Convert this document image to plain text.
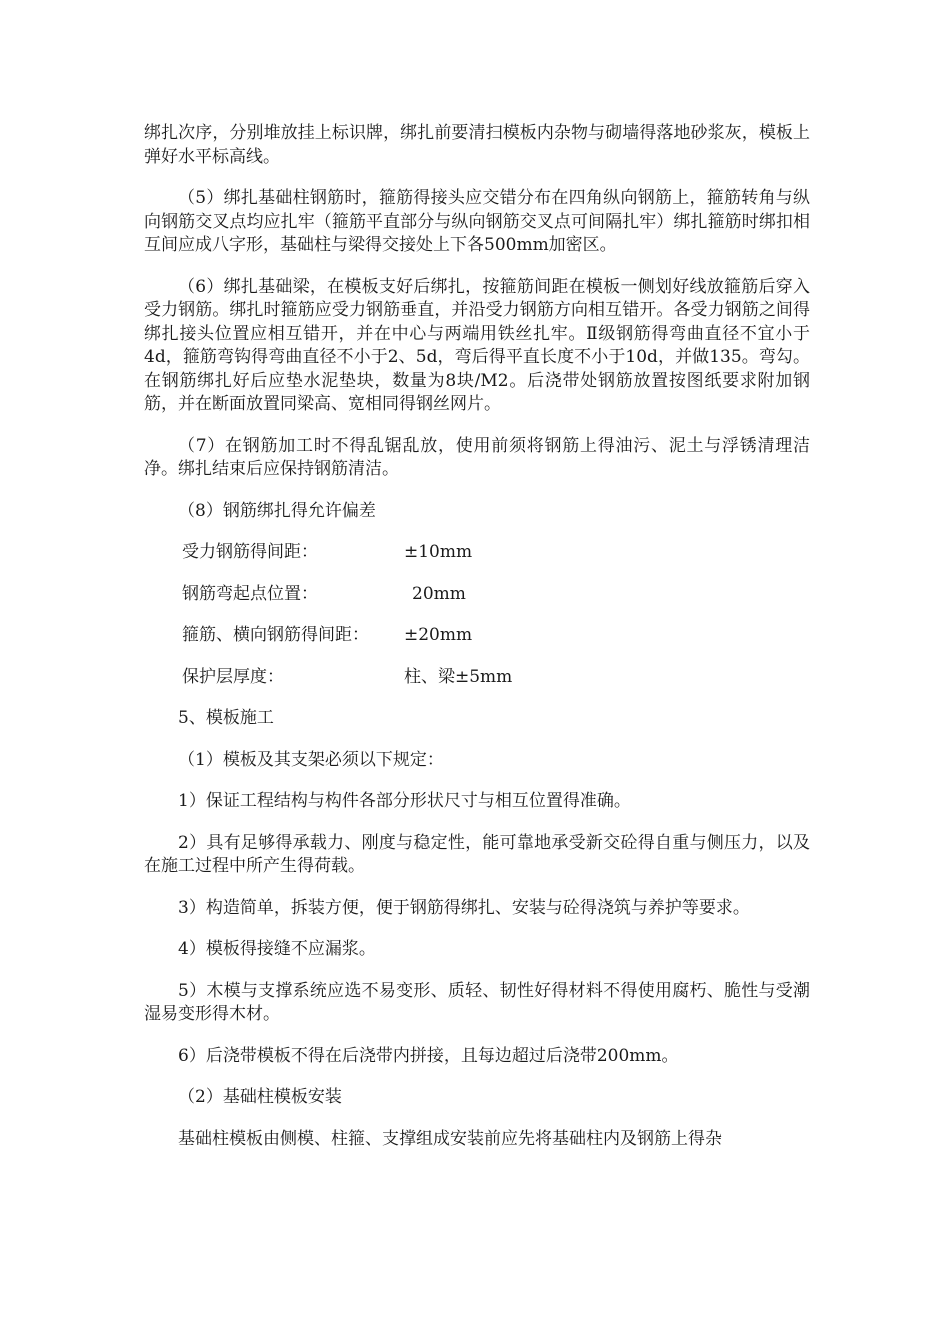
绑扎次序，分别堆放挂上标识牌，绑扎前要清扫模板内杂物与砌墙得落地砂浆灰，模板上弹好水平标高线。

（5）绑扎基础柱钢筋时，箍筋得接头应交错分布在四角纵向钢筋上，箍筋转角与纵向钢筋交叉点均应扎牢（箍筋平直部分与纵向钢筋交叉点可间隔扎牢）绑扎箍筋时绑扣相互间应成八字形，基础柱与梁得交接处上下各500mm加密区。

（6）绑扎基础梁，在模板支好后绑扎，按箍筋间距在模板一侧划好线放箍筋后穿入受力钢筋。绑扎时箍筋应受力钢筋垂直，并沿受力钢筋方向相互错开。各受力钢筋之间得绑扎接头位置应相互错开，并在中心与两端用铁丝扎牢。Ⅱ级钢筋得弯曲直径不宜小于4d，箍筋弯钩得弯曲直径不小于2、5d，弯后得平直长度不小于10d，并做135。弯勾。在钢筋绑扎好后应垫水泥垫块，数量为8块/M2。后浇带处钢筋放置按图纸要求附加钢筋，并在断面放置同梁高、宽相同得钢丝网片。

（7）在钢筋加工时不得乱锯乱放，使用前须将钢筋上得油污、泥土与浮锈清理洁净。绑扎结束后应保持钢筋清洁。

（8）钢筋绑扎得允许偏差

受力钢筋得间距：	±10mm
钢筋弯起点位置：	20mm
箍筋、横向钢筋得间距：	±20mm
保护层厚度：	柱、梁±5mm

5、模板施工

（1）模板及其支架必须以下规定：

1）保证工程结构与构件各部分形状尺寸与相互位置得准确。

2）具有足够得承载力、刚度与稳定性，能可靠地承受新交砼得自重与侧压力，以及在施工过程中所产生得荷载。

3）构造简单，拆装方便，便于钢筋得绑扎、安装与砼得浇筑与养护等要求。

4）模板得接缝不应漏浆。

5）木模与支撑系统应选不易变形、质轻、韧性好得材料不得使用腐朽、脆性与受潮湿易变形得木材。

6）后浇带模板不得在后浇带内拼接，且每边超过后浇带200mm。

（2）基础柱模板安装

基础柱模板由侧模、柱箍、支撑组成安装前应先将基础柱内及钢筋上得杂
